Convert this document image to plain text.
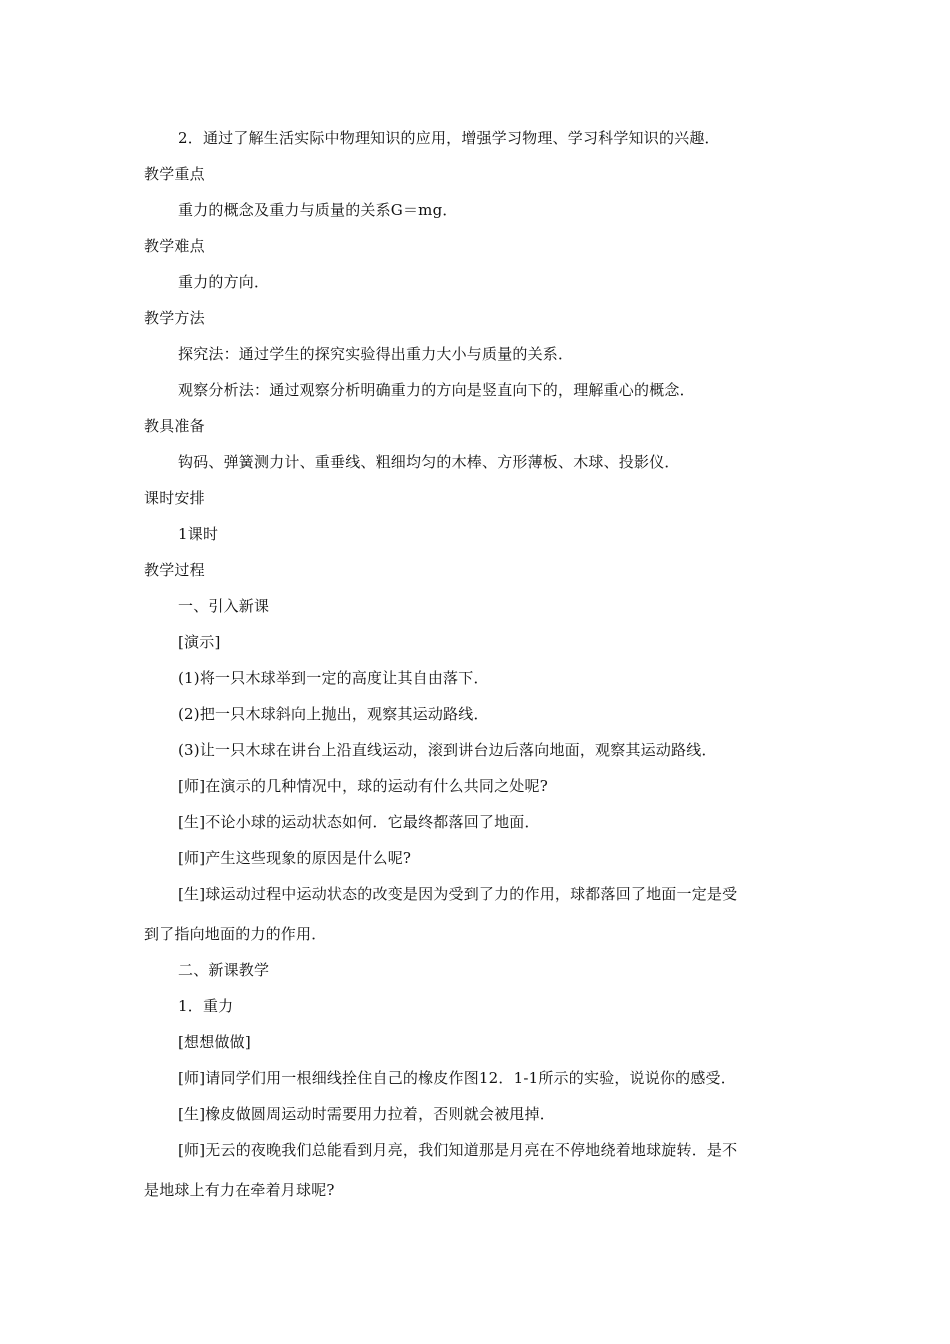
2．通过了解生活实际中物理知识的应用，增强学习物理、学习科学知识的兴趣．
教学重点
重力的概念及重力与质量的关系G＝mg．
教学难点
重力的方向．
教学方法
探究法：通过学生的探究实验得出重力大小与质量的关系．
观察分析法：通过观察分析明确重力的方向是竖直向下的，理解重心的概念．
教具准备
钩码、弹簧测力计、重垂线、粗细均匀的木棒、方形薄板、木球、投影仪．
课时安排
1课时
教学过程
一、引入新课
[演示]
(1)将一只木球举到一定的高度让其自由落下．
(2)把一只木球斜向上抛出，观察其运动路线．
(3)让一只木球在讲台上沿直线运动，滚到讲台边后落向地面，观察其运动路线．
[师]在演示的几种情况中，球的运动有什么共同之处呢?
[生]不论小球的运动状态如何．它最终都落回了地面．
[师]产生这些现象的原因是什么呢?
[生]球运动过程中运动状态的改变是因为受到了力的作用，球都落回了地面一定是受
到了指向地面的力的作用．
二、新课教学
1．重力
[想想做做]
[师]请同学们用一根细线拴住自己的橡皮作图12．1-1所示的实验，说说你的感受．
[生]橡皮做圆周运动时需要用力拉着，否则就会被甩掉．
[师]无云的夜晚我们总能看到月亮，我们知道那是月亮在不停地绕着地球旋转．是不
是地球上有力在牵着月球呢?
